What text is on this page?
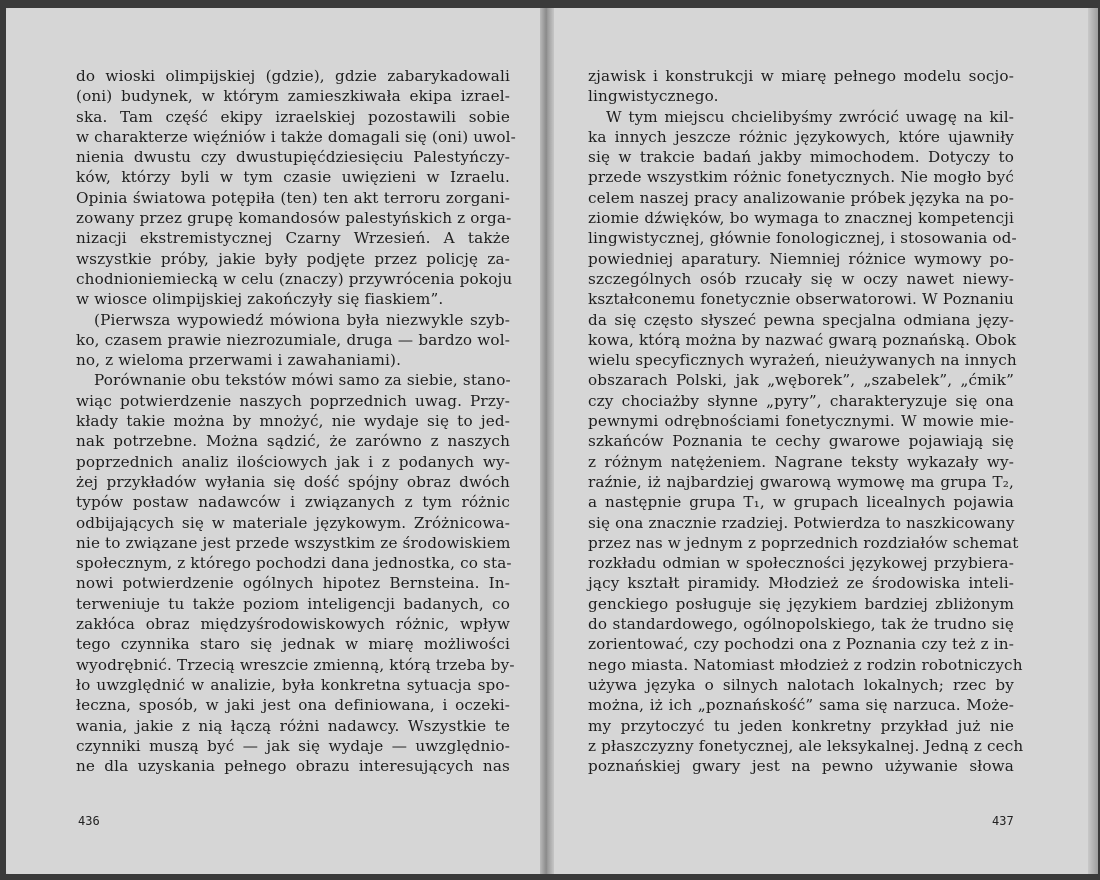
do wioski olimpijskiej (gdzie), gdzie zabarykadowali
(oni) budynek, w którym zamieszkiwała ekipa izrael-
ska. Tam część ekipy izraelskiej pozostawili sobie
w charakterze więźniów i także domagali się (oni) uwol-
nienia dwustu czy dwustupięćdziesięciu Palestyńczy-
ków, którzy byli w tym czasie uwięzieni w Izraelu.
Opinia światowa potępiła (ten) ten akt terroru zorgani-
zowany przez grupę komandosów palestyńskich z orga-
nizacji ekstremistycznej Czarny Wrzesień. A także
wszystkie próby, jakie były podjęte przez policję za-
chodnioniemiecką w celu (znaczy) przywrócenia pokoju
w wiosce olimpijskiej zakończyły się fiaskiem”.
(Pierwsza wypowiedź mówiona była niezwykle szyb-
ko, czasem prawie niezrozumiale, druga — bardzo wol-
no, z wieloma przerwami i zawahaniami).
Porównanie obu tekstów mówi samo za siebie, stano-
wiąc potwierdzenie naszych poprzednich uwag. Przy-
kłady takie można by mnożyć, nie wydaje się to jed-
nak potrzebne. Można sądzić, że zarówno z naszych
poprzednich analiz ilościowych jak i z podanych wy-
żej przykładów wyłania się dość spójny obraz dwóch
typów postaw nadawców i związanych z tym różnic
odbijających się w materiale językowym. Zróżnicowa-
nie to związane jest przede wszystkim ze środowiskiem
społecznym, z którego pochodzi dana jednostka, co sta-
nowi potwierdzenie ogólnych hipotez Bernsteina. In-
terweniuje tu także poziom inteligencji badanych, co
zakłóca obraz międzyśrodowiskowych różnic, wpływ
tego czynnika staro się jednak w miarę możliwości
wyodrębnić. Trzecią wreszcie zmienną, którą trzeba by-
ło uwzględnić w analizie, była konkretna sytuacja spo-
łeczna, sposób, w jaki jest ona definiowana, i oczeki-
wania, jakie z nią łączą różni nadawcy. Wszystkie te
czynniki muszą być — jak się wydaje — uwzględnio-
ne dla uzyskania pełnego obrazu interesujących nas
436
zjawisk i konstrukcji w miarę pełnego modelu socjo-
lingwistycznego.
W tym miejscu chcielibyśmy zwrócić uwagę na kil-
ka innych jeszcze różnic językowych, które ujawniły
się w trakcie badań jakby mimochodem. Dotyczy to
przede wszystkim różnic fonetycznych. Nie mogło być
celem naszej pracy analizowanie próbek języka na po-
ziomie dźwięków, bo wymaga to znacznej kompetencji
lingwistycznej, głównie fonologicznej, i stosowania od-
powiedniej aparatury. Niemniej różnice wymowy po-
szczególnych osób rzucały się w oczy nawet niewy-
kształconemu fonetycznie obserwatorowi. W Poznaniu
da się często słyszeć pewna specjalna odmiana języ-
kowa, którą można by nazwać gwarą poznańską. Obok
wielu specyficznych wyrażeń, nieużywanych na innych
obszarach Polski, jak „węborek”, „szabelek”, „ćmik”
czy chociażby słynne „pyry”, charakteryzuje się ona
pewnymi odrębnościami fonetycznymi. W mowie mie-
szkańców Poznania te cechy gwarowe pojawiają się
z różnym natężeniem. Nagrane teksty wykazały wy-
raźnie, iż najbardziej gwarową wymowę ma grupa T₂,
a następnie grupa T₁, w grupach licealnych pojawia
się ona znacznie rzadziej. Potwierdza to naszkicowany
przez nas w jednym z poprzednich rozdziałów schemat
rozkładu odmian w społeczności językowej przybiera-
jący kształt piramidy. Młodzież ze środowiska inteli-
genckiego posługuje się językiem bardziej zbliżonym
do standardowego, ogólnopolskiego, tak że trudno się
zorientować, czy pochodzi ona z Poznania czy też z in-
nego miasta. Natomiast młodzież z rodzin robotniczych
używa języka o silnych nalotach lokalnych; rzec by
można, iż ich „poznańskość” sama się narzuca. Może-
my przytoczyć tu jeden konkretny przykład już nie
z płaszczyzny fonetycznej, ale leksykalnej. Jedną z cech
poznańskiej gwary jest na pewno używanie słowa
437
